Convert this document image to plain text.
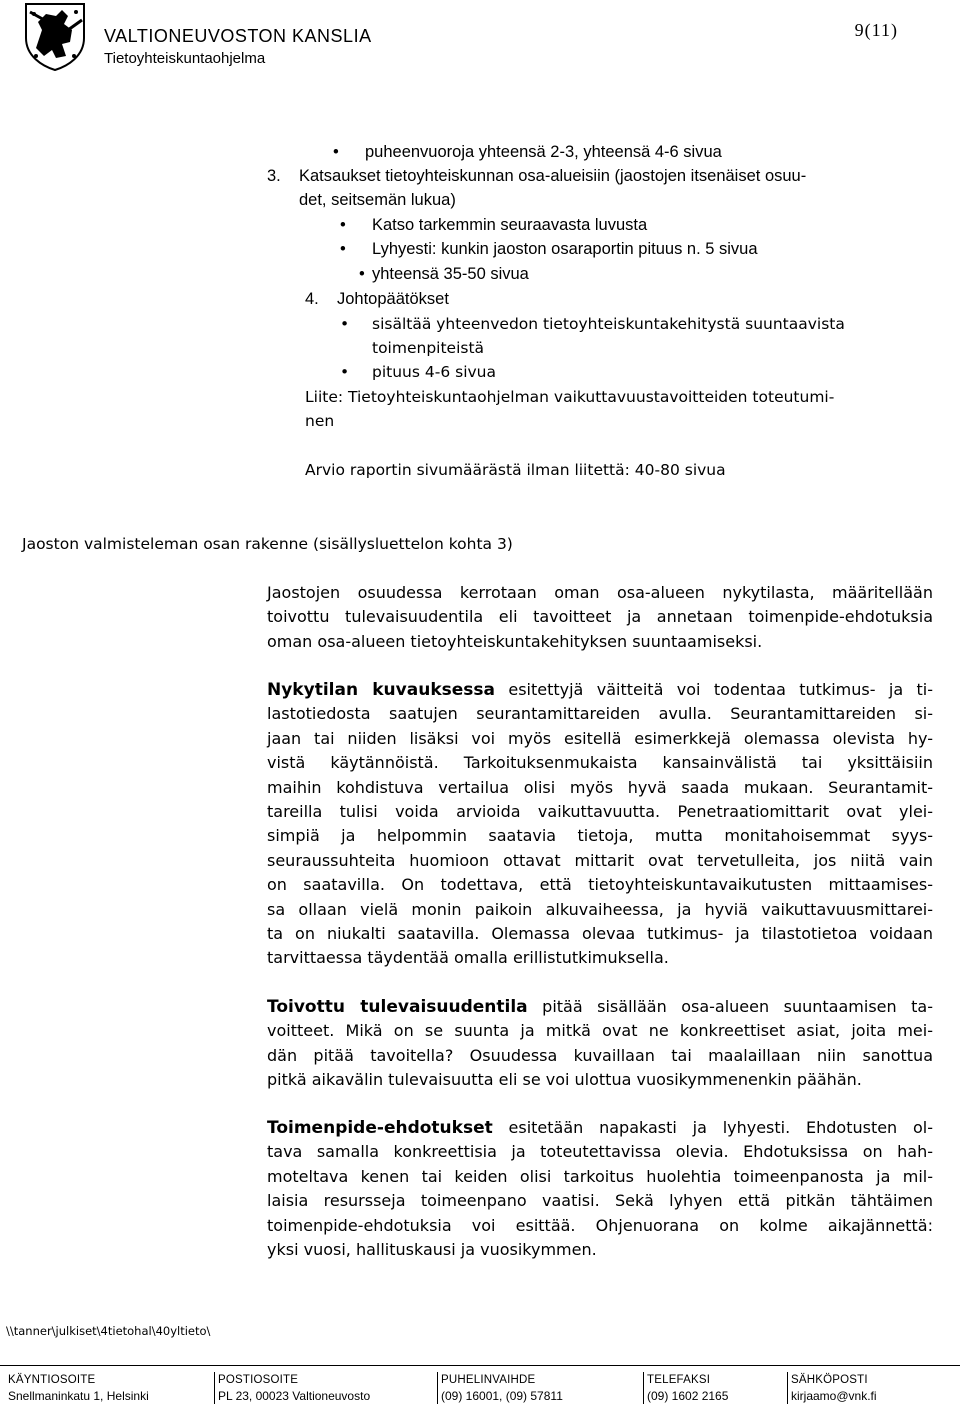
VALTIONEUVOSTON KANSLIA
Tietoyhteiskuntaohjelma
9(11)
• puheenvuoroja yhteensä 2-3, yhteensä 4-6 sivua
3. Katsaukset tietoyhteiskunnan osa-alueisiin (jaostojen itsenäiset osuu-
det, seitsemän lukua)
• Katso tarkemmin seuraavasta luvusta
• Lyhyesti: kunkin jaoston osaraportin pituus n. 5 sivua
• yhteensä 35-50 sivua
4. Johtopäätökset
• sisältää yhteenvedon tietoyhteiskuntakehitystä suuntaavista
toimenpiteistä
• pituus 4-6 sivua
Liite: Tietoyhteiskuntaohjelman vaikuttavuustavoitteiden toteutumi-
nen
Arvio raportin sivumäärästä ilman liitettä: 40-80 sivua
Jaoston valmisteleman osan rakenne (sisällysluettelon kohta 3)
Jaostojen osuudessa kerrotaan oman osa-alueen nykytilasta, määritellään
toivottu tulevaisuudentila eli tavoitteet ja annetaan toimenpide-ehdotuksia
oman osa-alueen tietoyhteiskuntakehityksen suuntaamiseksi.
Nykytilan kuvauksessa esitettyjä väitteitä voi todentaa tutkimus- ja ti-
lastotiedosta saatujen seurantamittareiden avulla. Seurantamittareiden si-
jaan tai niiden lisäksi voi myös esitellä esimerkkejä olemassa olevista hy-
vistä käytännöistä. Tarkoituksenmukaista kansainvälistä tai yksittäisiin
maihin kohdistuva vertailua olisi myös hyvä saada mukaan. Seurantamit-
tareilla tulisi voida arvioida vaikuttavuutta. Penetraatiomittarit ovat ylei-
simpiä ja helpommin saatavia tietoja, mutta monitahoisemmat syys-
seuraussuhteita huomioon ottavat mittarit ovat tervetulleita, jos niitä vain
on saatavilla. On todettava, että tietoyhteiskuntavaikutusten mittaamises-
sa ollaan vielä monin paikoin alkuvaiheessa, ja hyviä vaikuttavuusmittarei-
ta on niukalti saatavilla. Olemassa olevaa tutkimus- ja tilastotietoa voidaan
tarvittaessa täydentää omalla erillistutkimuksella.
Toivottu tulevaisuudentila pitää sisällään osa-alueen suuntaamisen ta-
voitteet. Mikä on se suunta ja mitkä ovat ne konkreettiset asiat, joita mei-
dän pitää tavoitella? Osuudessa kuvaillaan tai maalaillaan niin sanottua
pitkä aikavälin tulevaisuutta eli se voi ulottua vuosikymmenenkin päähän.
Toimenpide-ehdotukset esitetään napakasti ja lyhyesti. Ehdotusten ol-
tava samalla konkreettisia ja toteutettavissa olevia. Ehdotuksissa on hah-
moteltava kenen tai keiden olisi tarkoitus huolehtia toimeenpanosta ja mil-
laisia resursseja toimeenpano vaatisi. Sekä lyhyen että pitkän tähtäimen
toimenpide-ehdotuksia voi esittää. Ohjenuorana on kolme aikajännettä:
yksi vuosi, hallituskausi ja vuosikymmen.
\\tanner\julkiset\4tietohal\40yltieto\
KÄYNTIOSOITE
Snellmaninkatu 1, Helsinki
POSTIOSOITE
PL 23, 00023 Valtioneuvosto
PUHELINVAIHDE
(09) 16001, (09) 57811
TELEFAKSI
(09) 1602 2165
SÄHKÖPOSTI
kirjaamo@vnk.fi
